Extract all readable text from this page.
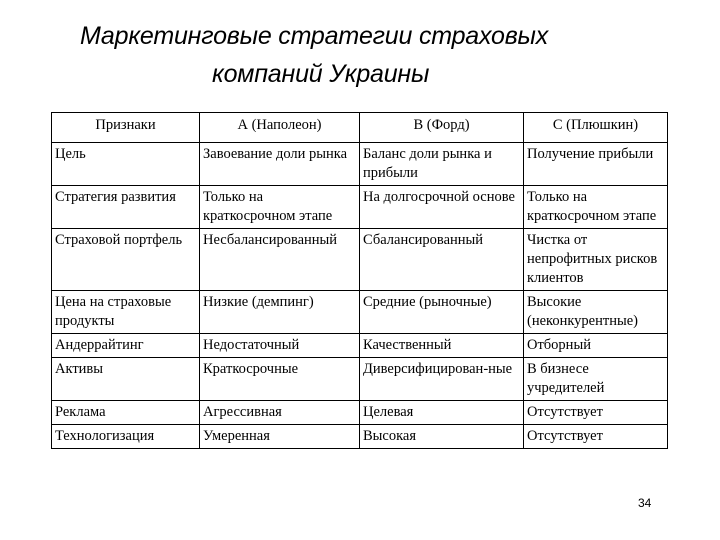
Маркетинговые стратегии страховых
компаний Украины
Признаки	А (Наполеон)	В (Форд)	С (Плюшкин)
Цель	Завоевание доли рынка	Баланс доли рынка и прибыли	Получение прибыли
Стратегия развития	Только на краткосрочном этапе	На долгосрочной основе	Только на краткосрочном этапе
Страховой портфель	Несбалансированный	Сбалансированный	Чистка от непрофитных рисков клиентов
Цена на страховые продукты	Низкие (демпинг)	Средние (рыночные)	Высокие (неконкурентные)
Андеррайтинг	Недостаточный	Качественный	Отборный
Активы	Краткосрочные	Диверсифицирован-ные	В бизнесе учредителей
Реклама	Агрессивная	Целевая	Отсутствует
Технологизация	Умеренная	Высокая	Отсутствует
34
